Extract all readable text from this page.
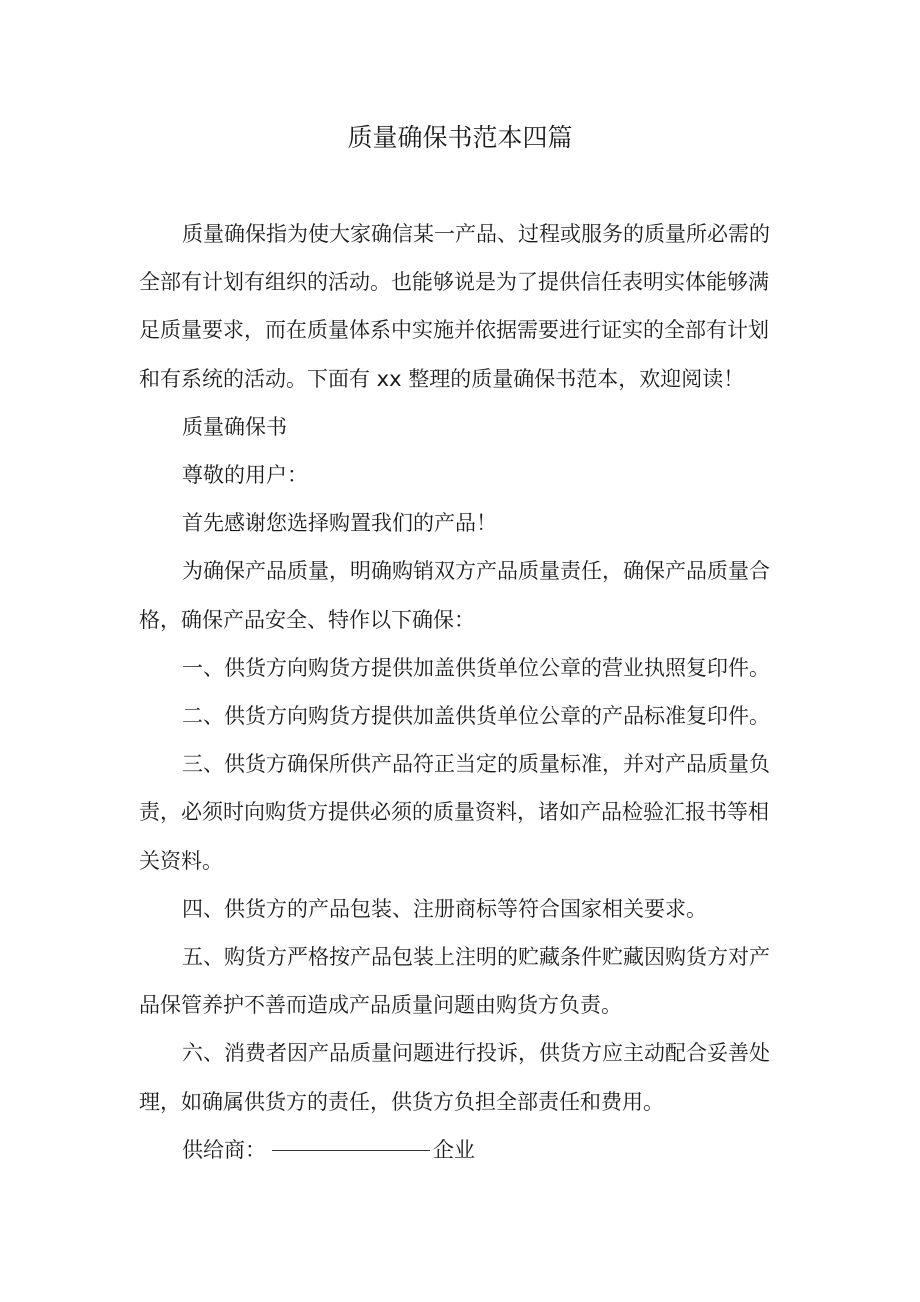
质量确保书范本四篇

质量确保指为使大家确信某一产品、过程或服务的质量所必需的全部有计划有组织的活动。也能够说是为了提供信任表明实体能够满足质量要求，而在质量体系中实施并依据需要进行证实的全部有计划和有系统的活动。下面有 xx 整理的质量确保书范本，欢迎阅读！

质量确保书

尊敬的用户：

首先感谢您选择购置我们的产品！

为确保产品质量，明确购销双方产品质量责任，确保产品质量合格，确保产品安全、特作以下确保：

一、供货方向购货方提供加盖供货单位公章的营业执照复印件。

二、供货方向购货方提供加盖供货单位公章的产品标准复印件。

三、供货方确保所供产品符正当定的质量标准，并对产品质量负责，必须时向购货方提供必须的质量资料，诸如产品检验汇报书等相关资料。

四、供货方的产品包装、注册商标等符合国家相关要求。

五、购货方严格按产品包装上注明的贮藏条件贮藏因购货方对产品保管养护不善而造成产品质量问题由购货方负责。

六、消费者因产品质量问题进行投诉，供货方应主动配合妥善处理，如确属供货方的责任，供货方负担全部责任和费用。

供给商：	企业
